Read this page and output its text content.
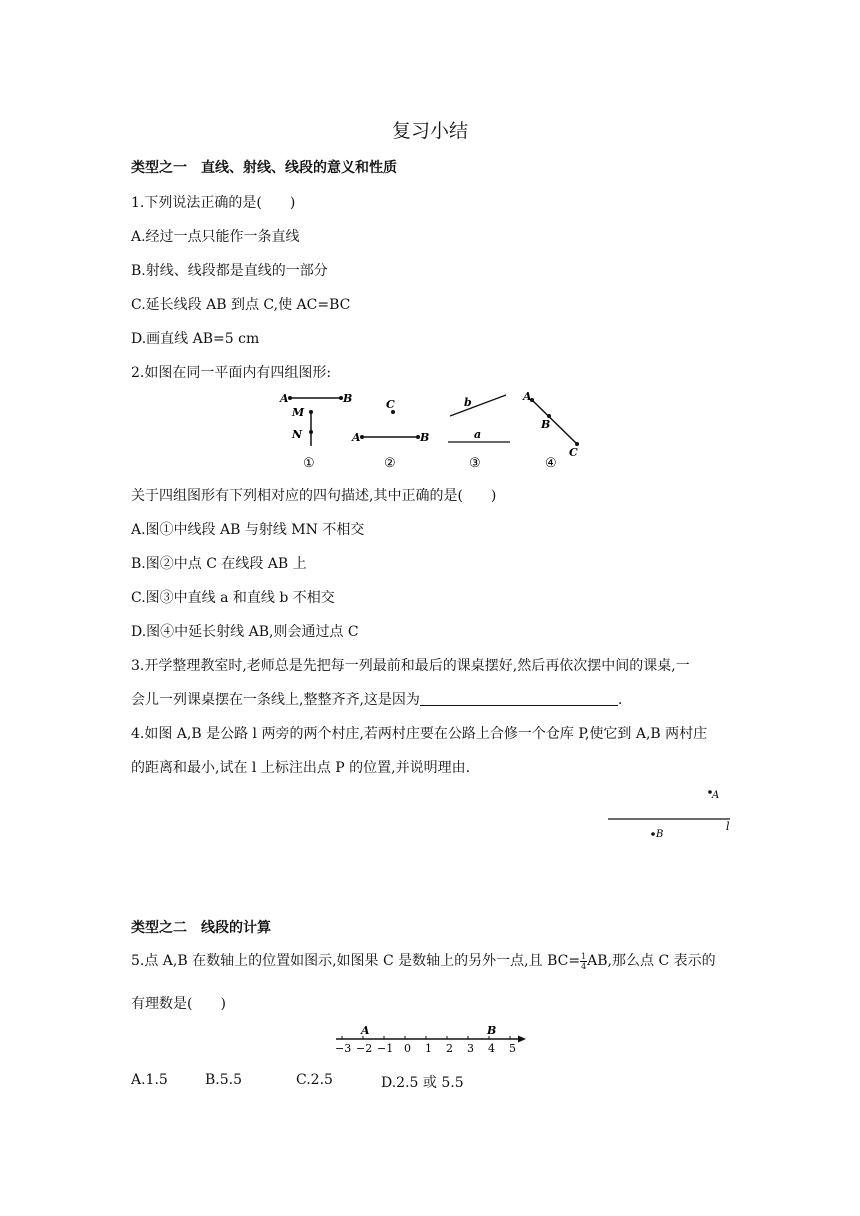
复习小结
类型之一　直线、射线、线段的意义和性质
1.下列说法正确的是(　　)
A.经过一点只能作一条直线
B.射线、线段都是直线的一部分
C.延长线段 AB 到点 C,使 AC=BC
D.画直线 AB=5 cm
2.如图在同一平面内有四组图形:
A	B
M
N
C
A	B
b
a
A
B
C
①	②	③	④
关于四组图形有下列相对应的四句描述,其中正确的是(　　)
A.图①中线段 AB 与射线 MN 不相交
B.图②中点 C 在线段 AB 上
C.图③中直线 a 和直线 b 不相交
D.图④中延长射线 AB,则会通过点 C
3.开学整理教室时,老师总是先把每一列最前和最后的课桌摆好,然后再依次摆中间的课桌,一
会儿一列课桌摆在一条线上,整整齐齐,这是因为	.
4.如图 A,B 是公路 l 两旁的两个村庄,若两村庄要在公路上合修一个仓库 P,使它到 A,B 两村庄
的距离和最小,试在 l 上标注出点 P 的位置,并说明理由.
A
l
B
类型之二　线段的计算
5.点 A,B 在数轴上的位置如图示,如图果 C 是数轴上的另外一点,且 $BC= \frac{1}{4}$ AB,那么点 C 表示的
有理数是(　　)
A	B
−3 −2 −1 0 1 2 3 4 5
A.1.5	B.5.5	C.2.5	D.2.5 或 5.5
